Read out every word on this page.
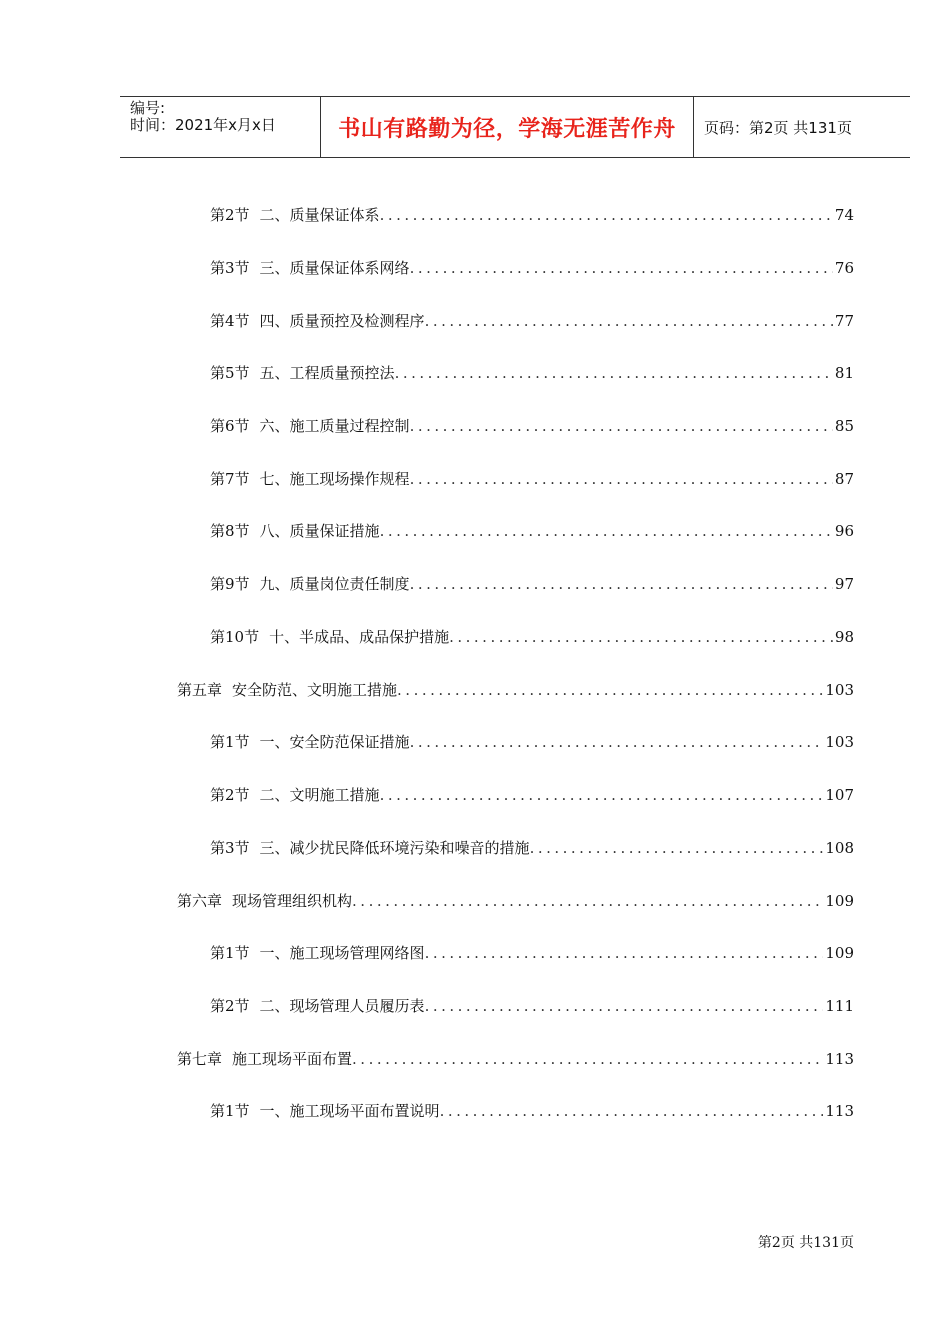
编号:
时间：2021年x月x日	书山有路勤为径，学海无涯苦作舟	页码：第2页 共131页
第2节 二、质量保证体系 .....	74
第3节 三、质量保证体系网络 .....	76
第4节 四、质量预控及检测程序 .....	77
第5节 五、工程质量预控法 .....	81
第6节 六、施工质量过程控制 .....	85
第7节 七、施工现场操作规程 .....	87
第8节 八、质量保证措施 .....	96
第9节 九、质量岗位责任制度 .....	97
第10节 十、半成品、成品保护措施 .....	98
第五章 安全防范、文明施工措施 .....	103
第1节 一、安全防范保证措施 .....	103
第2节 二、文明施工措施 .....	107
第3节 三、减少扰民降低环境污染和噪音的措施 .....	108
第六章 现场管理组织机构 .....	109
第1节 一、施工现场管理网络图 .....	109
第2节 二、现场管理人员履历表 .....	111
第七章 施工现场平面布置 .....	113
第1节 一、施工现场平面布置说明 .....	113
第2页 共131页
